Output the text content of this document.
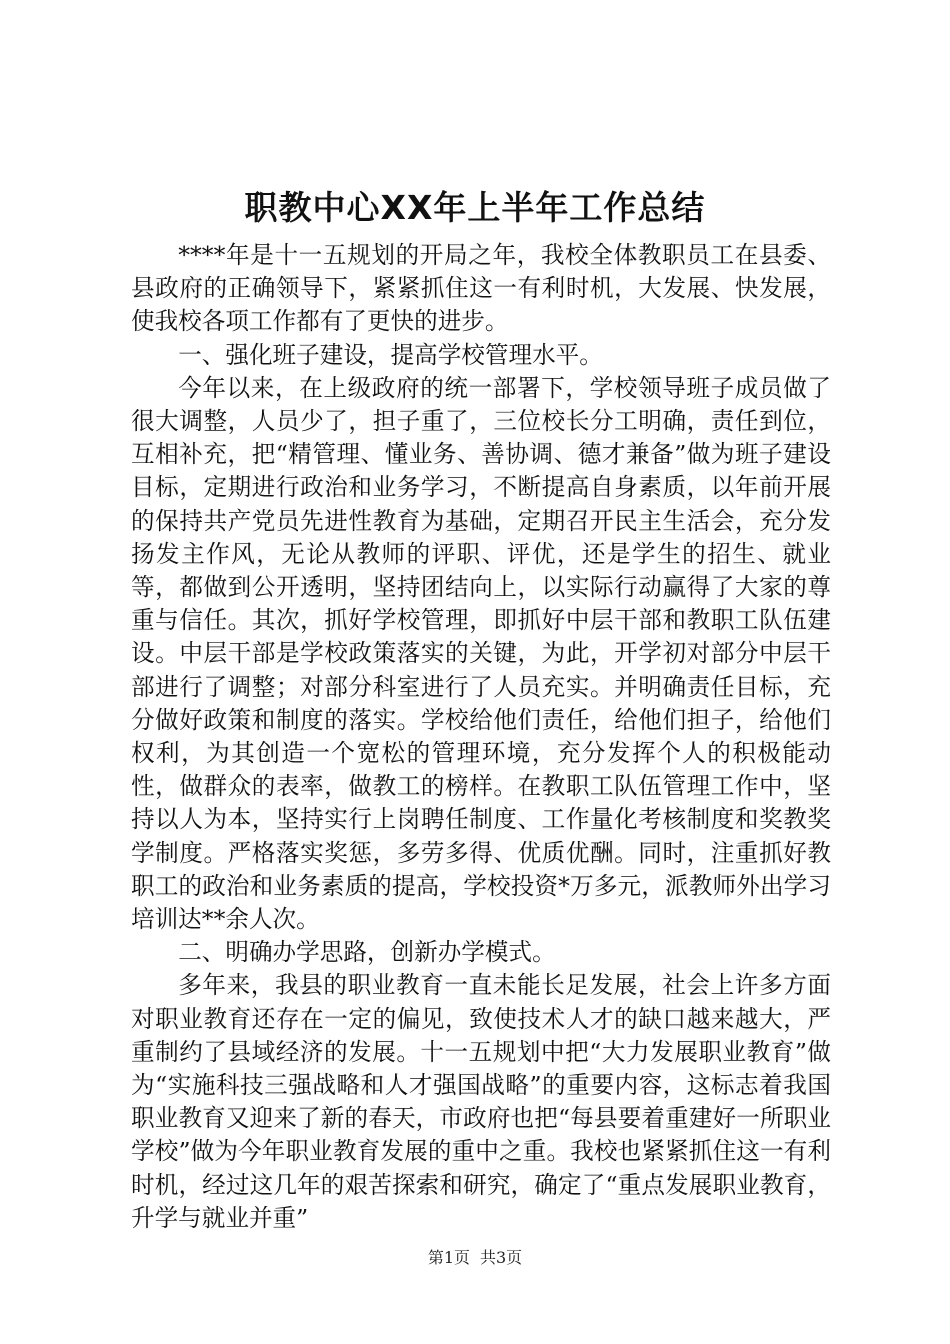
职教中心XX年上半年工作总结

****年是十一五规划的开局之年，我校全体教职员工在县委、县政府的正确领导下，紧紧抓住这一有利时机，大发展、快发展，使我校各项工作都有了更快的进步。

一、强化班子建设，提高学校管理水平。

今年以来，在上级政府的统一部署下，学校领导班子成员做了很大调整，人员少了，担子重了，三位校长分工明确，责任到位，互相补充，把“精管理、懂业务、善协调、德才兼备”做为班子建设目标，定期进行政治和业务学习，不断提高自身素质，以年前开展的保持共产党员先进性教育为基础，定期召开民主生活会，充分发扬发主作风，无论从教师的评职、评优，还是学生的招生、就业等，都做到公开透明，坚持团结向上，以实际行动赢得了大家的尊重与信任。其次，抓好学校管理，即抓好中层干部和教职工队伍建设。中层干部是学校政策落实的关键，为此，开学初对部分中层干部进行了调整；对部分科室进行了人员充实。并明确责任目标，充分做好政策和制度的落实。学校给他们责任，给他们担子，给他们权利，为其创造一个宽松的管理环境，充分发挥个人的积极能动性，做群众的表率，做教工的榜样。在教职工队伍管理工作中，坚持以人为本，坚持实行上岗聘任制度、工作量化考核制度和奖教奖学制度。严格落实奖惩，多劳多得、优质优酬。同时，注重抓好教职工的政治和业务素质的提高，学校投资*万多元，派教师外出学习培训达**余人次。

二、明确办学思路，创新办学模式。

多年来，我县的职业教育一直未能长足发展，社会上许多方面对职业教育还存在一定的偏见，致使技术人才的缺口越来越大，严重制约了县域经济的发展。十一五规划中把“大力发展职业教育”做为“实施科技三强战略和人才强国战略”的重要内容，这标志着我国职业教育又迎来了新的春天，市政府也把“每县要着重建好一所职业学校”做为今年职业教育发展的重中之重。我校也紧紧抓住这一有利时机，经过这几年的艰苦探索和研究，确定了“重点发展职业教育，升学与就业并重”

第1页 共3页
